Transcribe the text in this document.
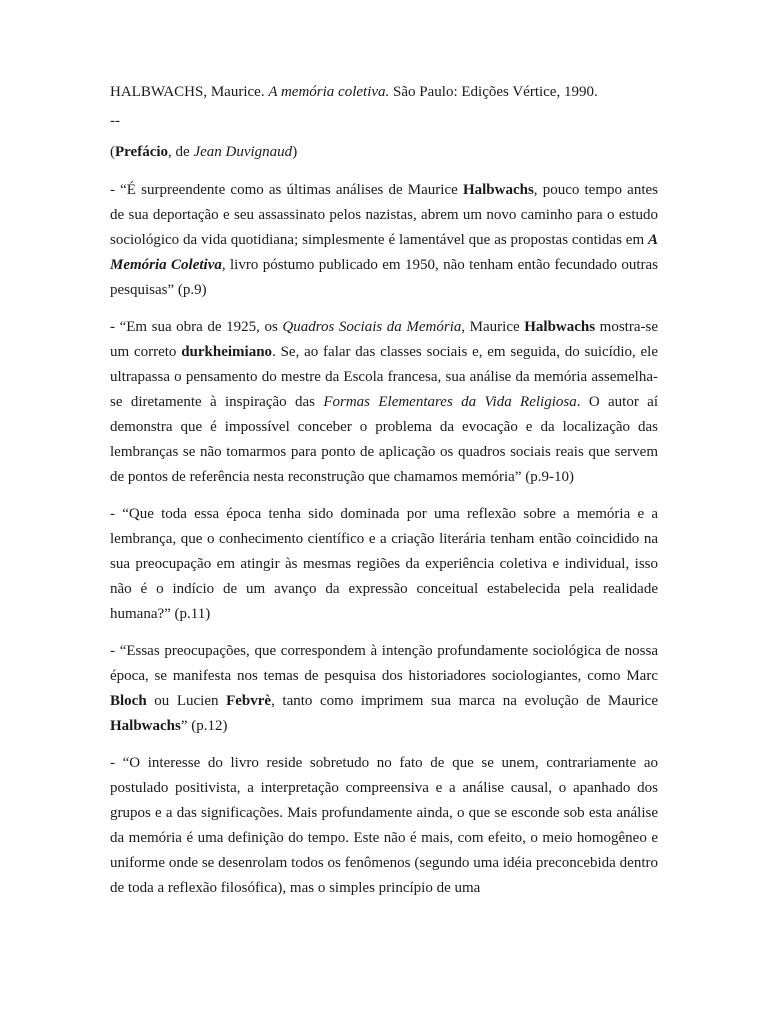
HALBWACHS, Maurice. A memória coletiva. São Paulo: Edições Vértice, 1990.

--

(Prefácio, de Jean Duvignaud)

- “É surpreendente como as últimas análises de Maurice Halbwachs, pouco tempo antes de sua deportação e seu assassinato pelos nazistas, abrem um novo caminho para o estudo sociológico da vida quotidiana; simplesmente é lamentável que as propostas contidas em A Memória Coletiva, livro póstumo publicado em 1950, não tenham então fecundado outras pesquisas” (p.9)

- “Em sua obra de 1925, os Quadros Sociais da Memória, Maurice Halbwachs mostra-se um correto durkheimiano. Se, ao falar das classes sociais e, em seguida, do suicídio, ele ultrapassa o pensamento do mestre da Escola francesa, sua análise da memória assemelha-se diretamente à inspiração das Formas Elementares da Vida Religiosa. O autor aí demonstra que é impossível conceber o problema da evocação e da localização das lembranças se não tomarmos para ponto de aplicação os quadros sociais reais que servem de pontos de referência nesta reconstrução que chamamos memória” (p.9-10)

- “Que toda essa época tenha sido dominada por uma reflexão sobre a memória e a lembrança, que o conhecimento científico e a criação literária tenham então coincidido na sua preocupação em atingir às mesmas regiões da experiência coletiva e individual, isso não é o indício de um avanço da expressão conceitual estabelecida pela realidade humana?” (p.11)

- “Essas preocupações, que correspondem à intenção profundamente sociológica de nossa época, se manifesta nos temas de pesquisa dos historiadores sociologiantes, como Marc Bloch ou Lucien Febvrè, tanto como imprimem sua marca na evolução de Maurice Halbwachs” (p.12)

- “O interesse do livro reside sobretudo no fato de que se unem, contrariamente ao postulado positivista, a interpretação compreensiva e a análise causal, o apanhado dos grupos e a das significações. Mais profundamente ainda, o que se esconde sob esta análise da memória é uma definição do tempo. Este não é mais, com efeito, o meio homogêneo e uniforme onde se desenrolam todos os fenômenos (segundo uma idéia preconcebida dentro de toda a reflexão filosófica), mas o simples princípio de uma
